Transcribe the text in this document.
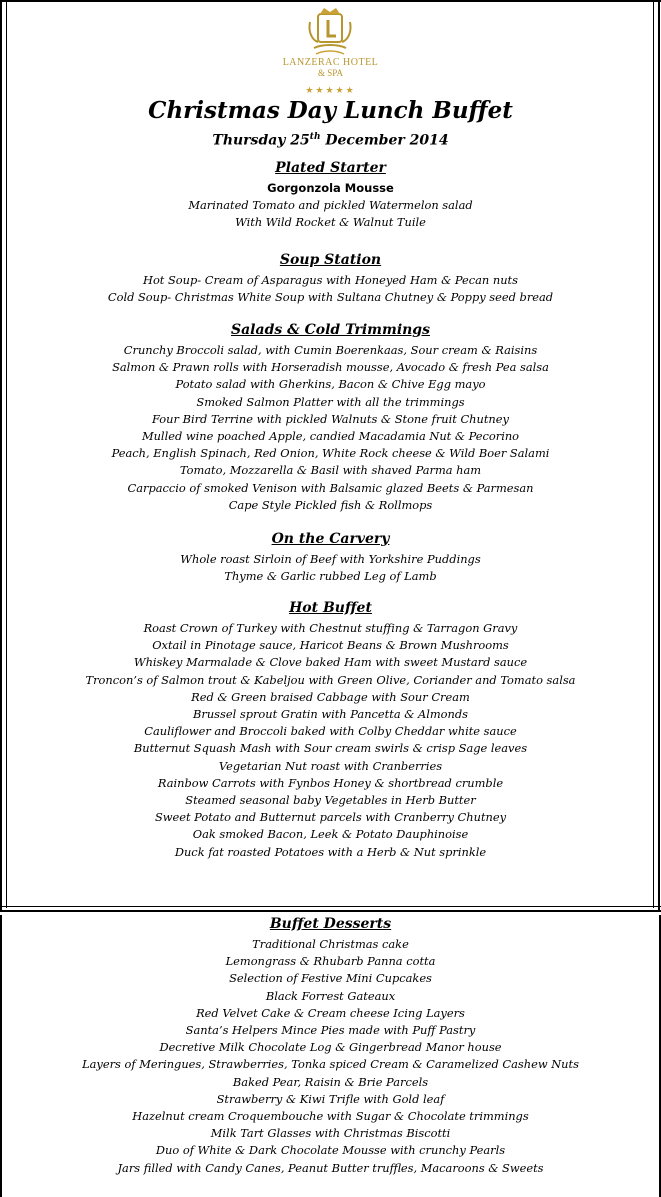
LANZERAC HOTEL
& SPA
★★★★★
Christmas Day Lunch Buffet
Thursday 25th December 2014
Plated Starter
Gorgonzola Mousse
Marinated Tomato and pickled Watermelon salad
With Wild Rocket & Walnut Tuile
Soup Station
Hot Soup- Cream of Asparagus with Honeyed Ham & Pecan nuts
Cold Soup- Christmas White Soup with Sultana Chutney & Poppy seed bread
Salads & Cold Trimmings
Crunchy Broccoli salad, with Cumin Boerenkaas, Sour cream & Raisins
Salmon & Prawn rolls with Horseradish mousse, Avocado & fresh Pea salsa
Potato salad with Gherkins, Bacon & Chive Egg mayo
Smoked Salmon Platter with all the trimmings
Four Bird Terrine with pickled Walnuts & Stone fruit Chutney
Mulled wine poached Apple, candied Macadamia Nut & Pecorino
Peach, English Spinach, Red Onion, White Rock cheese & Wild Boer Salami
Tomato, Mozzarella & Basil with shaved Parma ham
Carpaccio of smoked Venison with Balsamic glazed Beets & Parmesan
Cape Style Pickled fish & Rollmops
On the Carvery
Whole roast Sirloin of Beef with Yorkshire Puddings
Thyme & Garlic rubbed Leg of Lamb
Hot Buffet
Roast Crown of Turkey with Chestnut stuffing & Tarragon Gravy
Oxtail in Pinotage sauce, Haricot Beans & Brown Mushrooms
Whiskey Marmalade & Clove baked Ham with sweet Mustard sauce
Troncon’s of Salmon trout & Kabeljou with Green Olive, Coriander and Tomato salsa
Red & Green braised Cabbage with Sour Cream
Brussel sprout Gratin with Pancetta & Almonds
Cauliflower and Broccoli baked with Colby Cheddar white sauce
Butternut Squash Mash with Sour cream swirls & crisp Sage leaves
Vegetarian Nut roast with Cranberries
Rainbow Carrots with Fynbos Honey & shortbread crumble
Steamed seasonal baby Vegetables in Herb Butter
Sweet Potato and Butternut parcels with Cranberry Chutney
Oak smoked Bacon, Leek & Potato Dauphinoise
Duck fat roasted Potatoes with a Herb & Nut sprinkle
Buffet Desserts
Traditional Christmas cake
Lemongrass & Rhubarb Panna cotta
Selection of Festive Mini Cupcakes
Black Forrest Gateaux
Red Velvet Cake & Cream cheese Icing Layers
Santa’s Helpers Mince Pies made with Puff Pastry
Decretive Milk Chocolate Log & Gingerbread Manor house
Layers of Meringues, Strawberries, Tonka spiced Cream & Caramelized Cashew Nuts
Baked Pear, Raisin & Brie Parcels
Strawberry & Kiwi Trifle with Gold leaf
Hazelnut cream Croquembouche with Sugar & Chocolate trimmings
Milk Tart Glasses with Christmas Biscotti
Duo of White & Dark Chocolate Mousse with crunchy Pearls
Jars filled with Candy Canes, Peanut Butter truffles, Macaroons & Sweets
